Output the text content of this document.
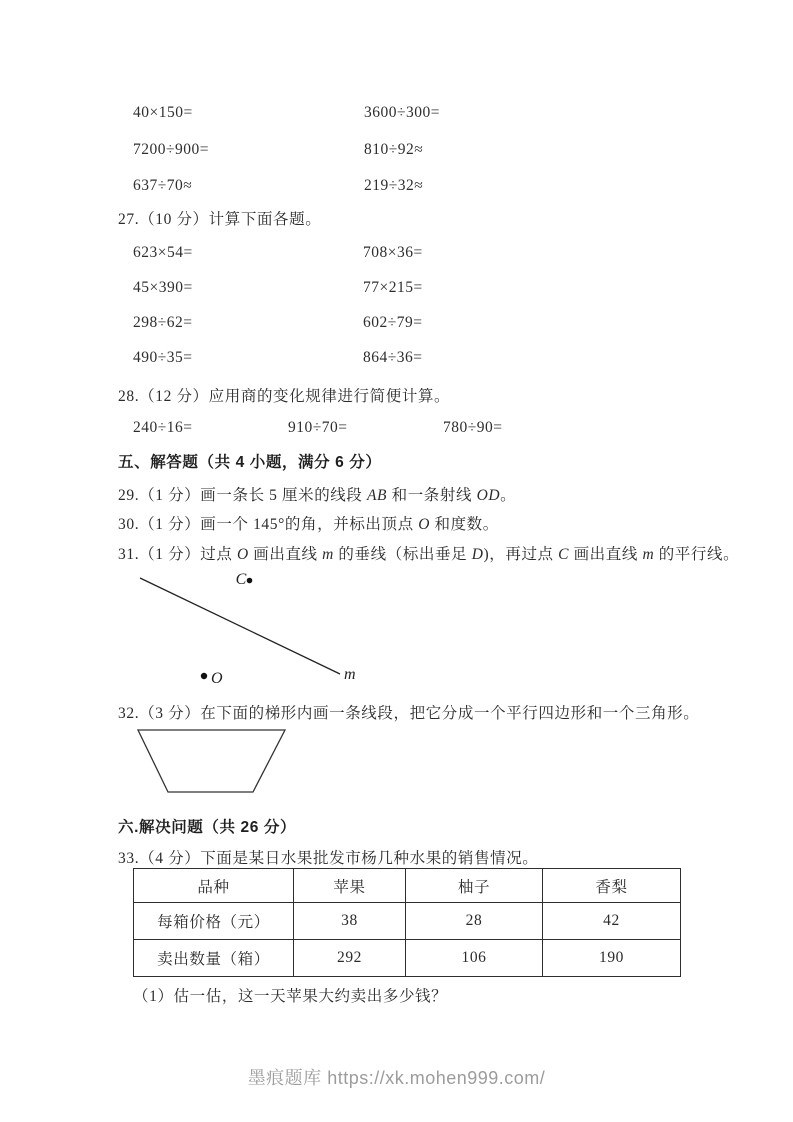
40×150=	3600÷300=
7200÷900=	810÷92≈
637÷70≈	219÷32≈
27.（10 分）计算下面各题。
623×54=	708×36=
45×390=	77×215=
298÷62=	602÷79=
490÷35=	864÷36=
28.（12 分）应用商的变化规律进行简便计算。
240÷16=	910÷70=	780÷90=
五、解答题（共 4 小题，满分 6 分）
29.（1 分）画一条长 5 厘米的线段 AB 和一条射线 OD。
30.（1 分）画一个 145°的角，并标出顶点 O 和度数。
31.（1 分）过点 O 画出直线 m 的垂线（标出垂足 D)，再过点 C 画出直线 m 的平行线。
C
O	m
32.（3 分）在下面的梯形内画一条线段，把它分成一个平行四边形和一个三角形。
六.解决问题（共 26 分）
33.（4 分）下面是某日水果批发市杨几种水果的销售情况。
品种	苹果	柚子	香梨
每箱价格（元）	38	28	42
卖出数量（箱）	292	106	190
（1）估一估，这一天苹果大约卖出多少钱？
墨痕题库 https://xk.mohen999.com/
